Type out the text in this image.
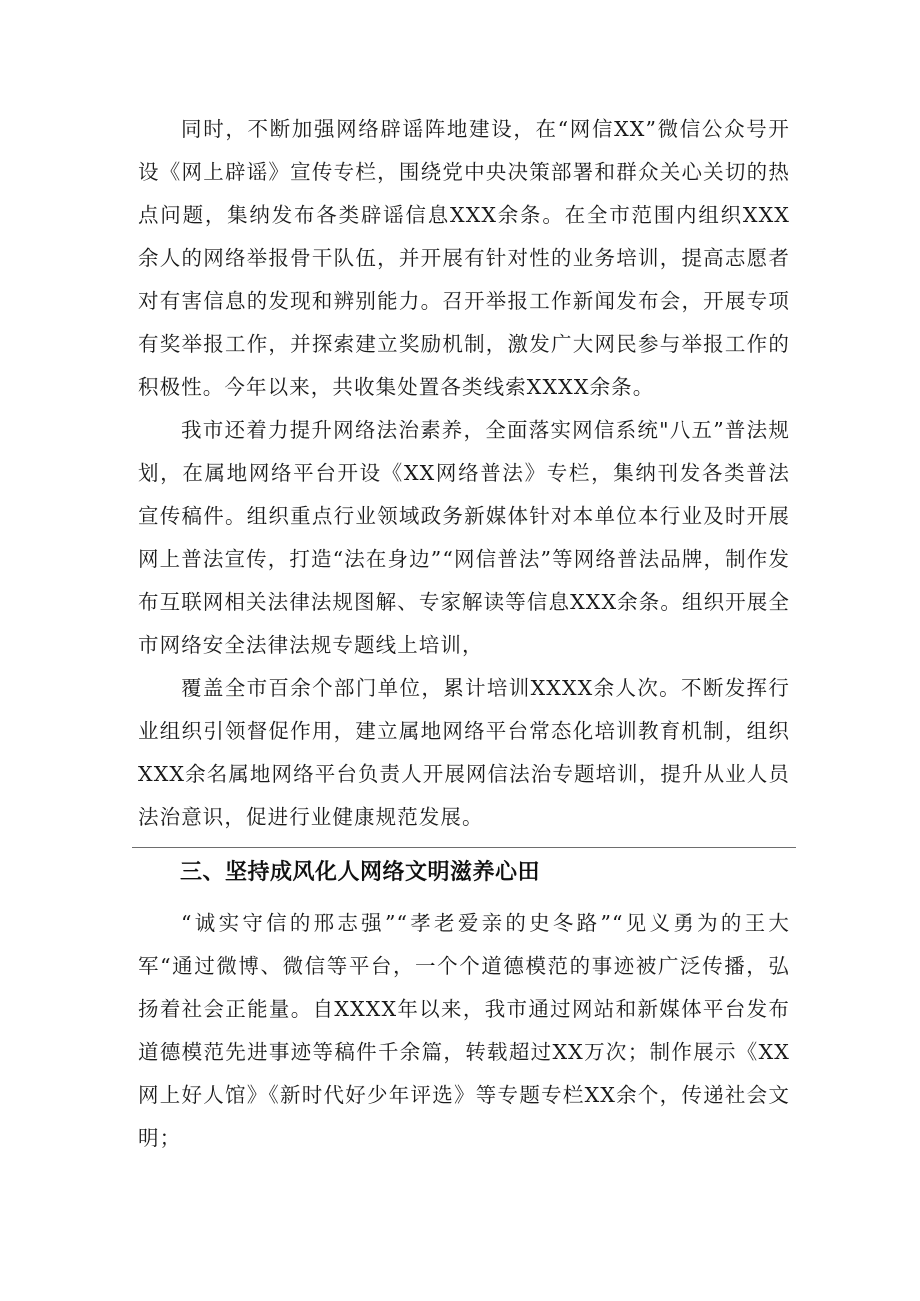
同时，不断加强网络辟谣阵地建设，在“网信XX”微信公众号开设《网上辟谣》宣传专栏，围绕党中央决策部署和群众关心关切的热点问题，集纳发布各类辟谣信息XXX余条。在全市范围内组织XXX余人的网络举报骨干队伍，并开展有针对性的业务培训，提高志愿者对有害信息的发现和辨别能力。召开举报工作新闻发布会，开展专项有奖举报工作，并探索建立奖励机制，激发广大网民参与举报工作的积极性。今年以来，共收集处置各类线索XXXX余条。

我市还着力提升网络法治素养，全面落实网信系统"八五”普法规划，在属地网络平台开设《XX网络普法》专栏，集纳刊发各类普法宣传稿件。组织重点行业领域政务新媒体针对本单位本行业及时开展网上普法宣传，打造“法在身边”“网信普法”等网络普法品牌，制作发布互联网相关法律法规图解、专家解读等信息XXX余条。组织开展全市网络安全法律法规专题线上培训，

覆盖全市百余个部门单位，累计培训XXXX余人次。不断发挥行业组织引领督促作用，建立属地网络平台常态化培训教育机制，组织XXX余名属地网络平台负责人开展网信法治专题培训，提升从业人员法治意识，促进行业健康规范发展。

三、坚持成风化人网络文明滋养心田

“诚实守信的邢志强”“孝老爱亲的史冬路”“见义勇为的王大军“通过微博、微信等平台，一个个道德模范的事迹被广泛传播，弘扬着社会正能量。自XXXX年以来，我市通过网站和新媒体平台发布道德模范先进事迹等稿件千余篇，转载超过XX万次；制作展示《XX网上好人馆》《新时代好少年评选》等专题专栏XX余个，传递社会文明；
